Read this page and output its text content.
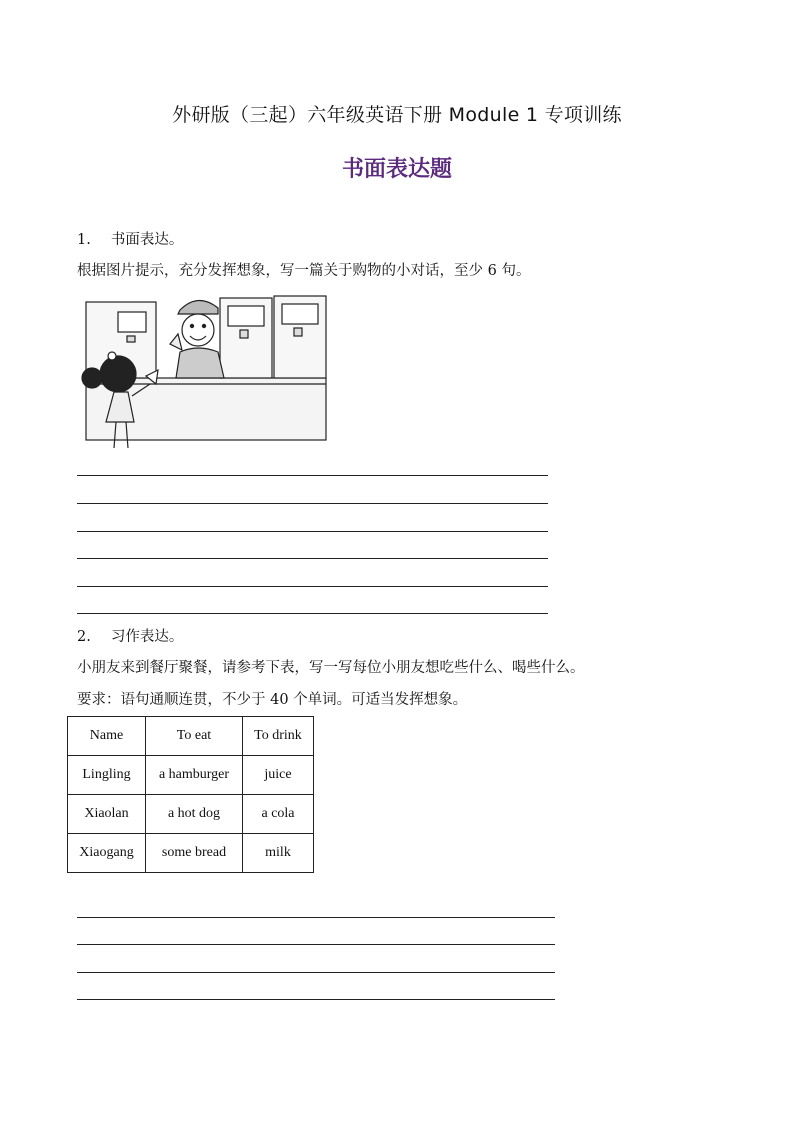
外研版（三起）六年级英语下册 Module 1 专项训练
书面表达题
1. 书面表达。
根据图片提示，充分发挥想象，写一篇关于购物的小对话，至少 6 句。
2. 习作表达。
小朋友来到餐厅聚餐，请参考下表，写一写每位小朋友想吃些什么、喝些什么。
要求：语句通顺连贯，不少于 40 个单词。可适当发挥想象。
Name	To eat	To drink
Lingling	a hamburger	juice
Xiaolan	a hot dog	a cola
Xiaogang	some bread	milk
